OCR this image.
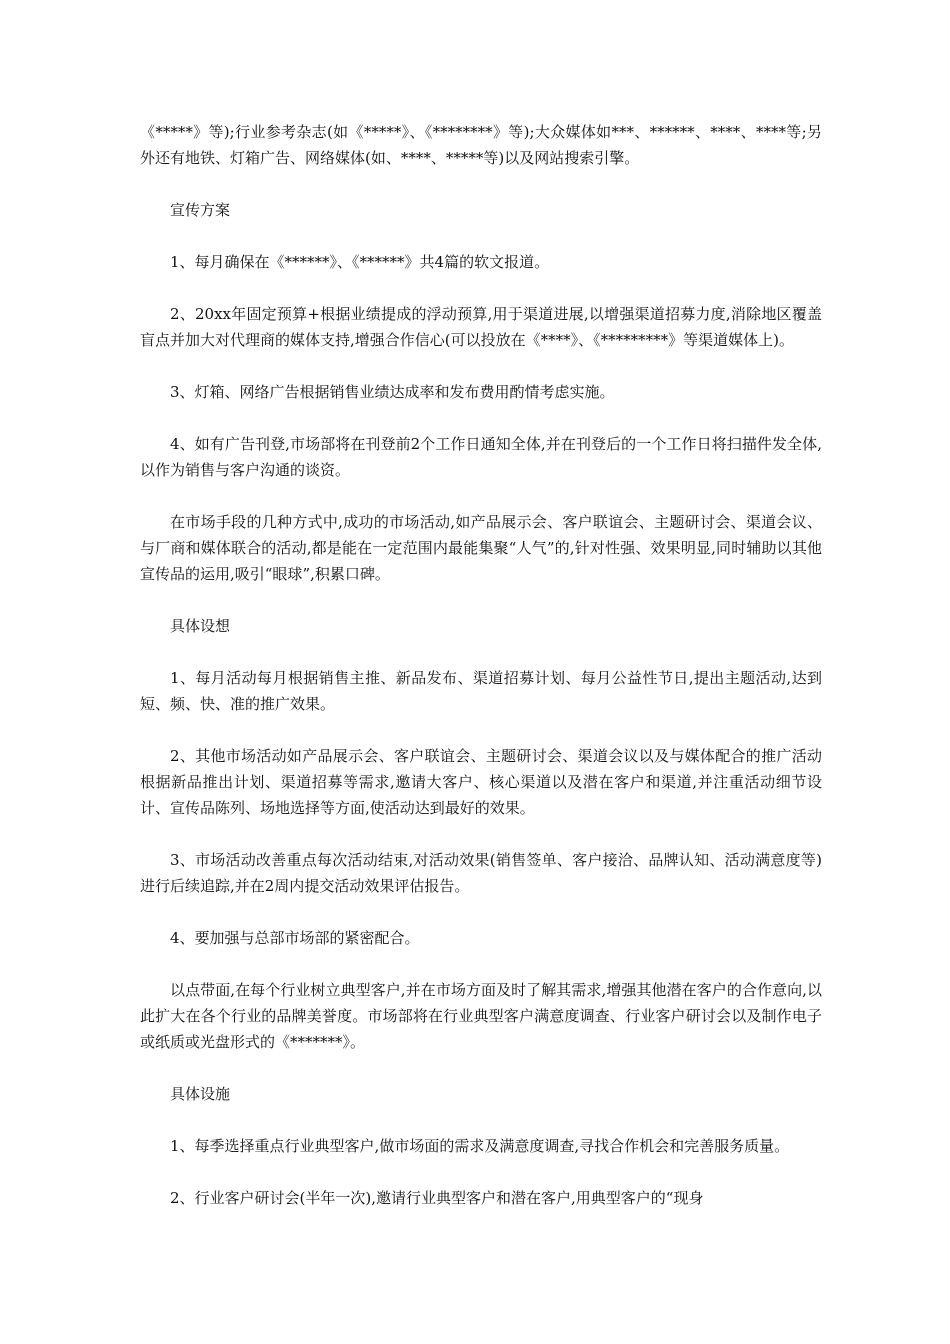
《*****》等);行业参考杂志(如《*****》、《********》等);大众媒体如***、******、****、****等;另外还有地铁、灯箱广告、网络媒体(如、****、*****等)以及网站搜索引擎。

宣传方案

1、每月确保在《******》、《******》共4篇的软文报道。

2、20xx年固定预算+根据业绩提成的浮动预算,用于渠道进展,以增强渠道招募力度,消除地区覆盖盲点并加大对代理商的媒体支持,增强合作信心(可以投放在《****》、《*********》等渠道媒体上)。

3、灯箱、网络广告根据销售业绩达成率和发布费用酌情考虑实施。

4、如有广告刊登,市场部将在刊登前2个工作日通知全体,并在刊登后的一个工作日将扫描件发全体,以作为销售与客户沟通的谈资。

在市场手段的几种方式中,成功的市场活动,如产品展示会、客户联谊会、主题研讨会、渠道会议、与厂商和媒体联合的活动,都是能在一定范围内最能集聚“人气”的,针对性强、效果明显,同时辅助以其他宣传品的运用,吸引“眼球”,积累口碑。

具体设想

1、每月活动每月根据销售主推、新品发布、渠道招募计划、每月公益性节日,提出主题活动,达到短、频、快、准的推广效果。

2、其他市场活动如产品展示会、客户联谊会、主题研讨会、渠道会议以及与媒体配合的推广活动根据新品推出计划、渠道招募等需求,邀请大客户、核心渠道以及潜在客户和渠道,并注重活动细节设计、宣传品陈列、场地选择等方面,使活动达到最好的效果。

3、市场活动改善重点每次活动结束,对活动效果(销售签单、客户接洽、品牌认知、活动满意度等)进行后续追踪,并在2周内提交活动效果评估报告。

4、要加强与总部市场部的紧密配合。

以点带面,在每个行业树立典型客户,并在市场方面及时了解其需求,增强其他潜在客户的合作意向,以此扩大在各个行业的品牌美誉度。市场部将在行业典型客户满意度调查、行业客户研讨会以及制作电子或纸质或光盘形式的《*******》。

具体设施

1、每季选择重点行业典型客户,做市场面的需求及满意度调查,寻找合作机会和完善服务质量。

2、行业客户研讨会(半年一次),邀请行业典型客户和潜在客户,用典型客户的“现身
